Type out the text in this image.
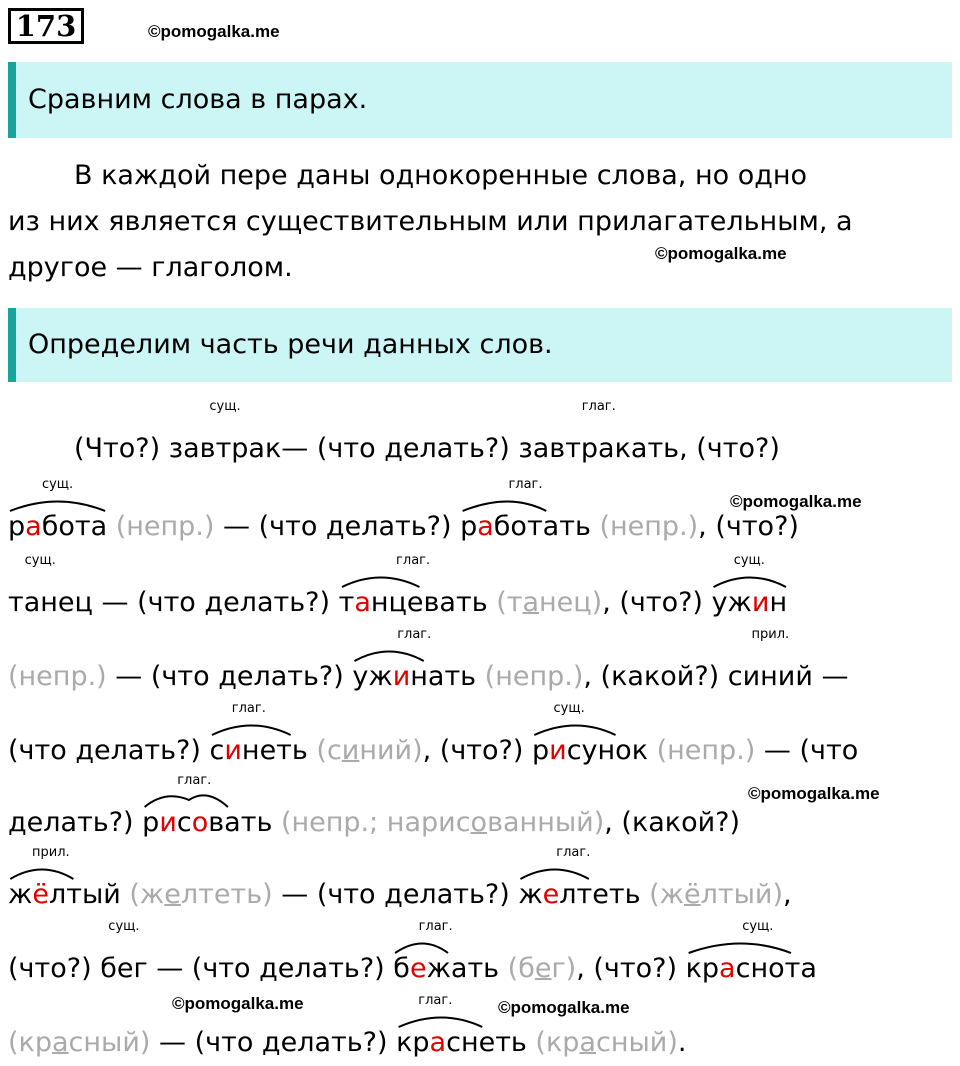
173	©pomogalka.me
Сравним слова в парах.
В каждой пере даны однокоренные слова, но одно
из них является существительным или прилагательным, а
другое — глаголом.	©pomogalka.me
Определим часть речи данных слов.
(Что?)
сущ.
завтрак— (что делать?)
глаг.
завтракать, (что?)
сущ.
работа (непр.) — (что делать?)
глаг.
работать (непр.), (что?)
©pomogalka.me
сущ.
танец — (что делать?)
глаг.
танцевать (танец), (что?)
сущ.
ужин
(непр.) — (что делать?)
глаг.
ужинать (непр.), (какой?)
прил.
синий —
(что делать?)
глаг.
синеть (синий), (что?)
сущ.
рисунок (непр.) — (что
делать?)
глаг.
рисовать (непр.; нарисованный), (какой?)
©pomogalka.me
прил.
жёлтый (желтеть) — (что делать?)
глаг.
желтеть (жёлтый),
(что?)
сущ.
бег — (что делать?)
глаг.
бежать (бег), (что?)
сущ.
краснота
©pomogalka.me	©pomogalka.me
(красный) — (что делать?)
глаг.
краснеть (красный).
